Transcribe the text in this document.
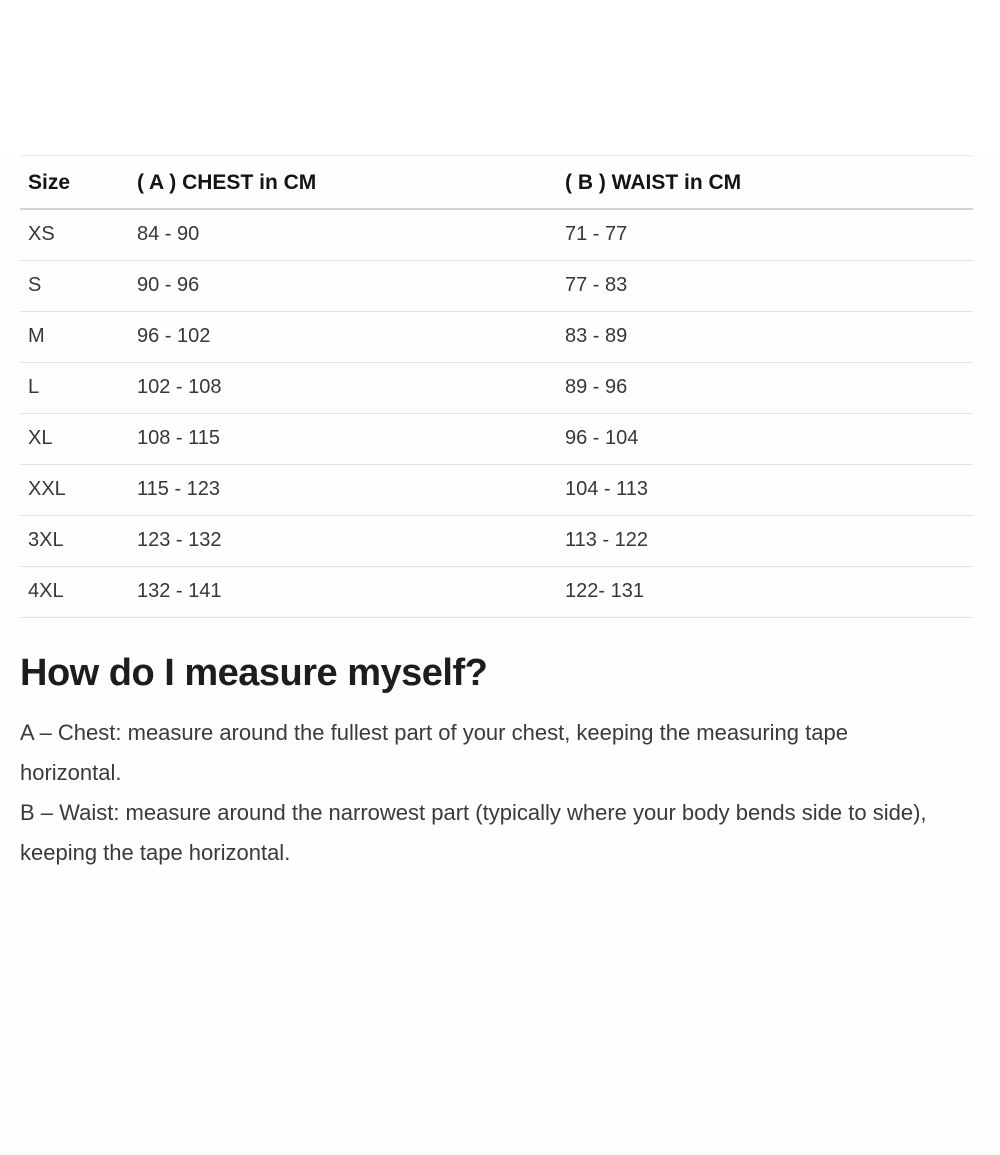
Size	( A ) CHEST in CM	( B ) WAIST in CM
XS	84 - 90	71 - 77
S	90 - 96	77 - 83
M	96 - 102	83 - 89
L	102 - 108	89 - 96
XL	108 - 115	96 - 104
XXL	115 - 123	104 - 113
3XL	123 - 132	113 - 122
4XL	132 - 141	122- 131
How do I measure myself?

A – Chest: measure around the fullest part of your chest, keeping the measuring tape horizontal.

B – Waist: measure around the narrowest part (typically where your body bends side to side), keeping the tape horizontal.
